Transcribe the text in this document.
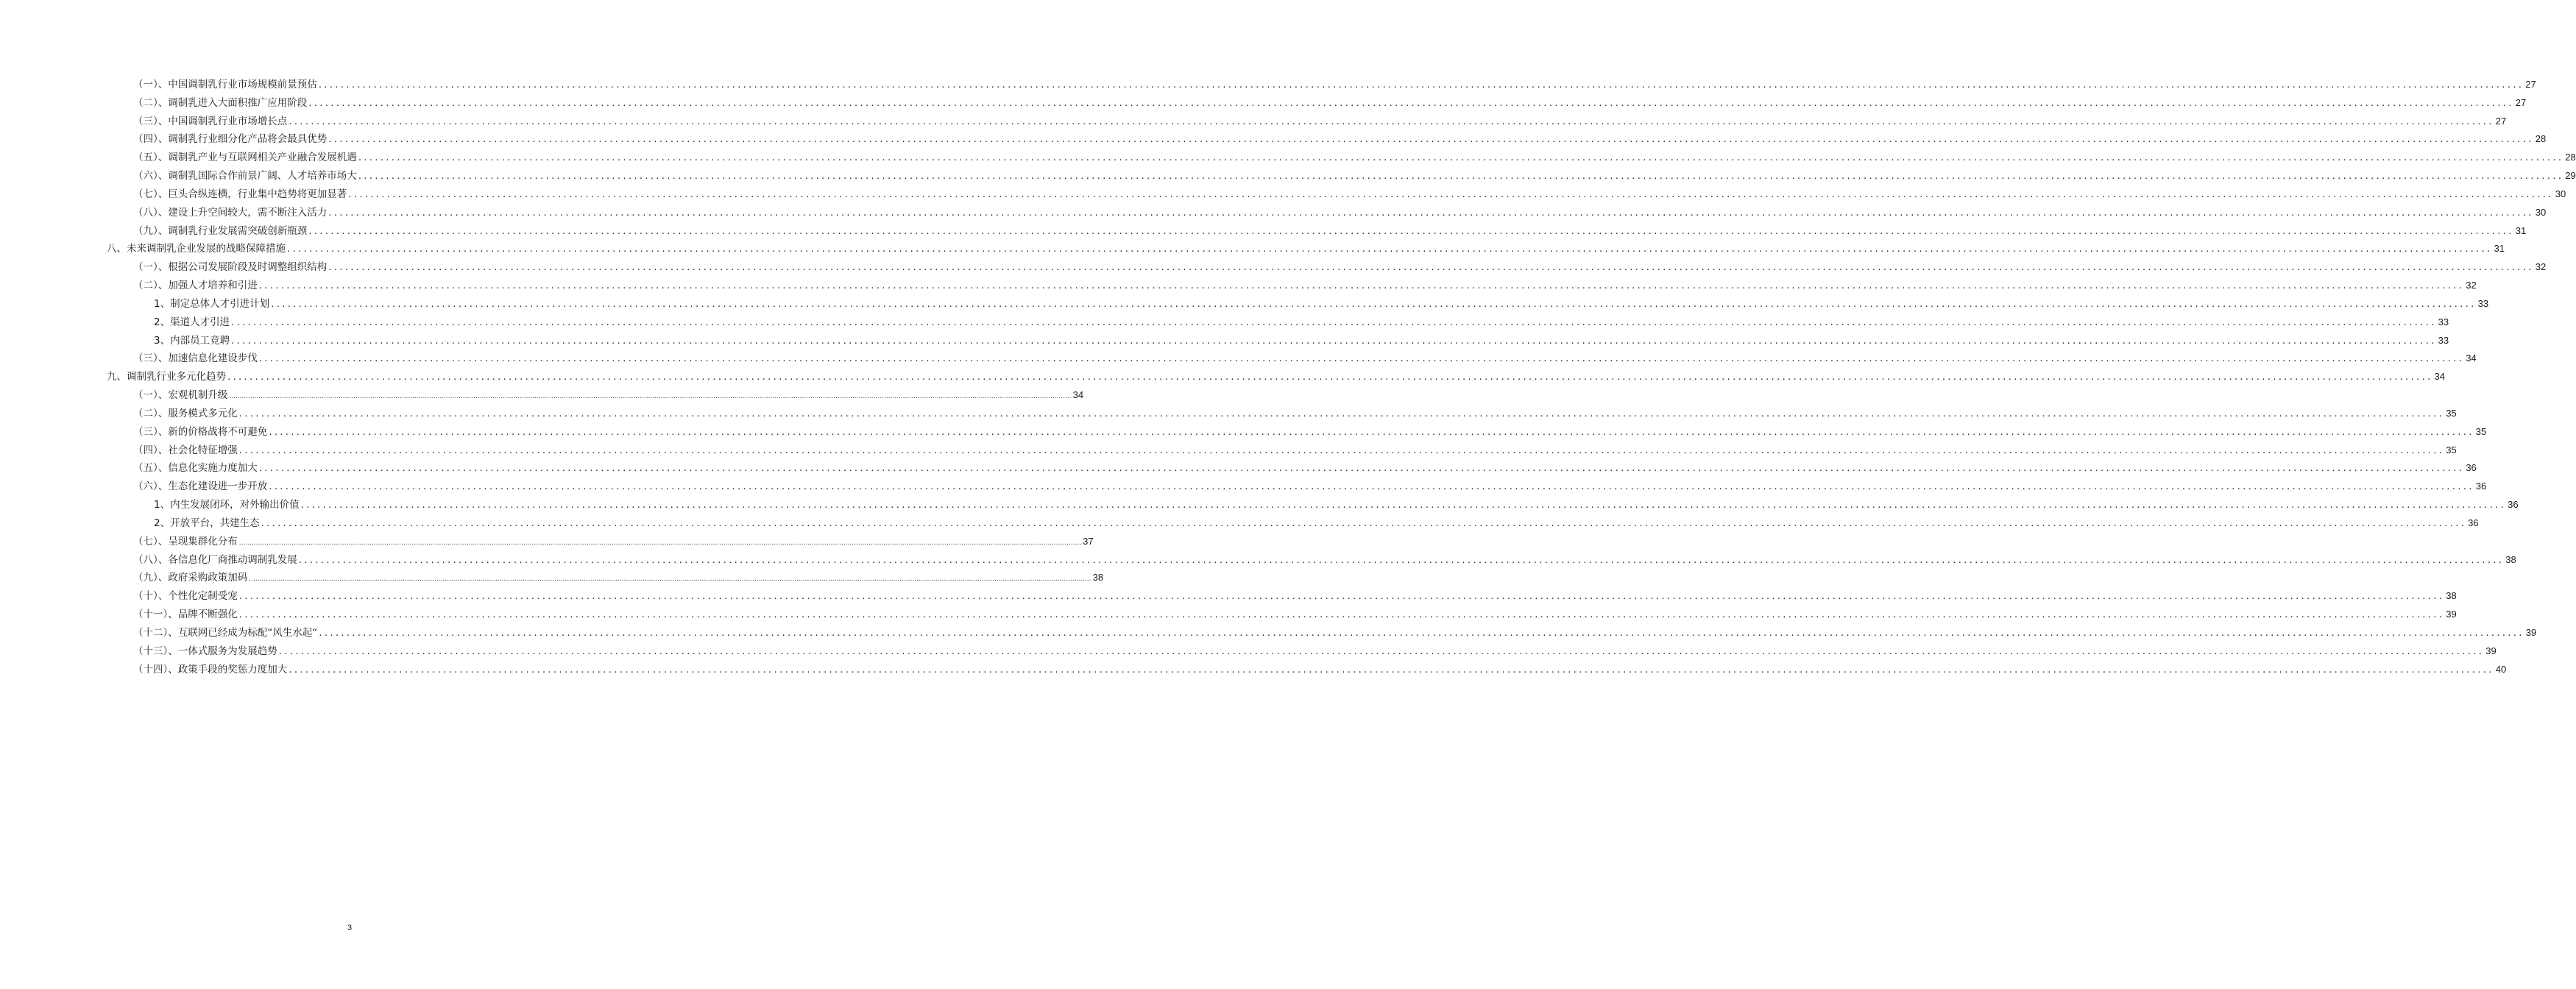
（一）、中国调制乳行业市场规模前景预估 ................................................................................................................................................................................................................................................................................................................................................................................................................ 27
（二）、调制乳进入大面积推广应用阶段 ................................................................................................................................................................................................................................................................................................................................................................................................................ 27
（三）、中国调制乳行业市场增长点 ................................................................................................................................................................................................................................................................................................................................................................................................................ 27
（四）、调制乳行业细分化产品将会最具优势 ................................................................................................................................................................................................................................................................................................................................................................................................................ 28
（五）、调制乳产业与互联网相关产业融合发展机遇 ................................................................................................................................................................................................................................................................................................................................................................................................................ 28
（六）、调制乳国际合作前景广阔、人才培养市场大 ................................................................................................................................................................................................................................................................................................................................................................................................................ 29
（七）、巨头合纵连横，行业集中趋势将更加显著 ................................................................................................................................................................................................................................................................................................................................................................................................................ 30
（八）、建设上升空间较大，需不断注入活力 ................................................................................................................................................................................................................................................................................................................................................................................................................ 30
（九）、调制乳行业发展需突破创新瓶颈 ................................................................................................................................................................................................................................................................................................................................................................................................................ 31
八、未来调制乳企业发展的战略保障措施 ................................................................................................................................................................................................................................................................................................................................................................................................................ 31
（一）、根据公司发展阶段及时调整组织结构 ................................................................................................................................................................................................................................................................................................................................................................................................................ 32
（二）、加强人才培养和引进 ................................................................................................................................................................................................................................................................................................................................................................................................................ 32
1、制定总体人才引进计划 ................................................................................................................................................................................................................................................................................................................................................................................................................ 33
2、渠道人才引进 ................................................................................................................................................................................................................................................................................................................................................................................................................ 33
3、内部员工竞聘 ................................................................................................................................................................................................................................................................................................................................................................................................................ 33
（三）、加速信息化建设步伐 ................................................................................................................................................................................................................................................................................................................................................................................................................ 34
九、调制乳行业多元化趋势 ................................................................................................................................................................................................................................................................................................................................................................................................................ 34
（一）、宏观机制升级 ................................................................................................................................................................................................................................................................................................................................................................................................................ 34
（二）、服务模式多元化 ................................................................................................................................................................................................................................................................................................................................................................................................................ 35
（三）、新的价格战将不可避免 ................................................................................................................................................................................................................................................................................................................................................................................................................ 35
（四）、社会化特征增强 ................................................................................................................................................................................................................................................................................................................................................................................................................ 35
（五）、信息化实施力度加大 ................................................................................................................................................................................................................................................................................................................................................................................................................ 36
（六）、生态化建设进一步开放 ................................................................................................................................................................................................................................................................................................................................................................................................................ 36
1、内生发展闭环，对外输出价值 ................................................................................................................................................................................................................................................................................................................................................................................................................ 36
2、开放平台，共建生态 ................................................................................................................................................................................................................................................................................................................................................................................................................ 36
（七）、呈现集群化分布 ................................................................................................................................................................................................................................................................................................................................................................................................................ 37
（八）、各信息化厂商推动调制乳发展 ................................................................................................................................................................................................................................................................................................................................................................................................................ 38
（九）、政府采购政策加码 ................................................................................................................................................................................................................................................................................................................................................................................................................ 38
（十）、个性化定制受宠 ................................................................................................................................................................................................................................................................................................................................................................................................................ 38
（十一）、品牌不断强化 ................................................................................................................................................................................................................................................................................................................................................................................................................ 39
（十二）、互联网已经成为标配“风生水起“ ................................................................................................................................................................................................................................................................................................................................................................................................................ 39
（十三）、一体式服务为发展趋势 ................................................................................................................................................................................................................................................................................................................................................................................................................ 39
（十四）、政策手段的奖惩力度加大 ................................................................................................................................................................................................................................................................................................................................................................................................................ 40
3
